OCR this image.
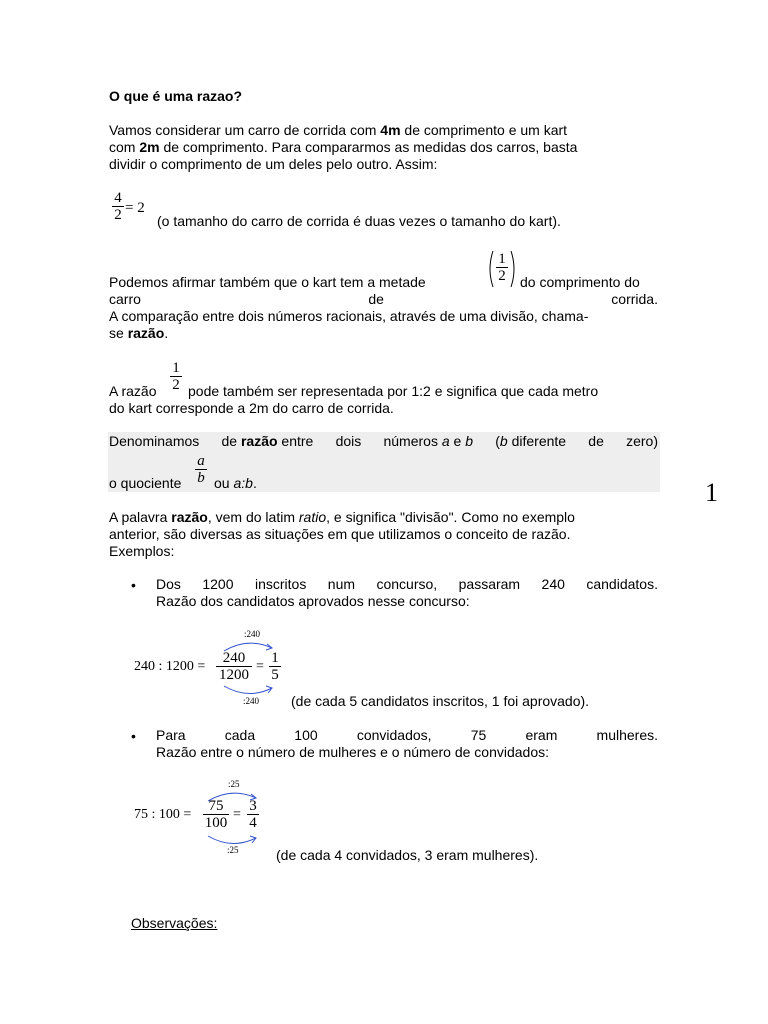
O que é uma razao?
Vamos considerar um carro de corrida com 4m de comprimento e um kart
com 2m de comprimento. Para compararmos as medidas dos carros, basta
dividir o comprimento de um deles pelo outro. Assim:
4
2 = 2
(o tamanho do carro de corrida é duas vezes o tamanho do kart).
1
2
Podemos afirmar também que o kart tem a metade	do comprimento do
carro	de	corrida.
A comparação entre dois números racionais, através de uma divisão, chama-
se razão.
1
2
A razão pode também ser representada por 1:2 e significa que cada metro
do kart corresponde a 2m do carro de corrida.
Denominamos de razão entre dois números a e b (b diferente de zero)
a
b
o quociente ou a:b.	1
A palavra razão, vem do latim ratio, e significa "divisão". Como no exemplo
anterior, são diversas as situações em que utilizamos o conceito de razão.
Exemplos:
• Dos 1200 inscritos num concurso, passaram 240 candidatos.
Razão dos candidatos aprovados nesse concurso:
:240
240 : 1200 =
240
1200
=
1
5
:240 (de cada 5 candidatos inscritos, 1 foi aprovado).
• Para	cada	100	convidados,	75	eram	mulheres.
Razão entre o número de mulheres e o número de convidados:
:25
75 : 100 =
75
100
=
3
4
:25	(de cada 4 convidados, 3 eram mulheres).
Observações:
